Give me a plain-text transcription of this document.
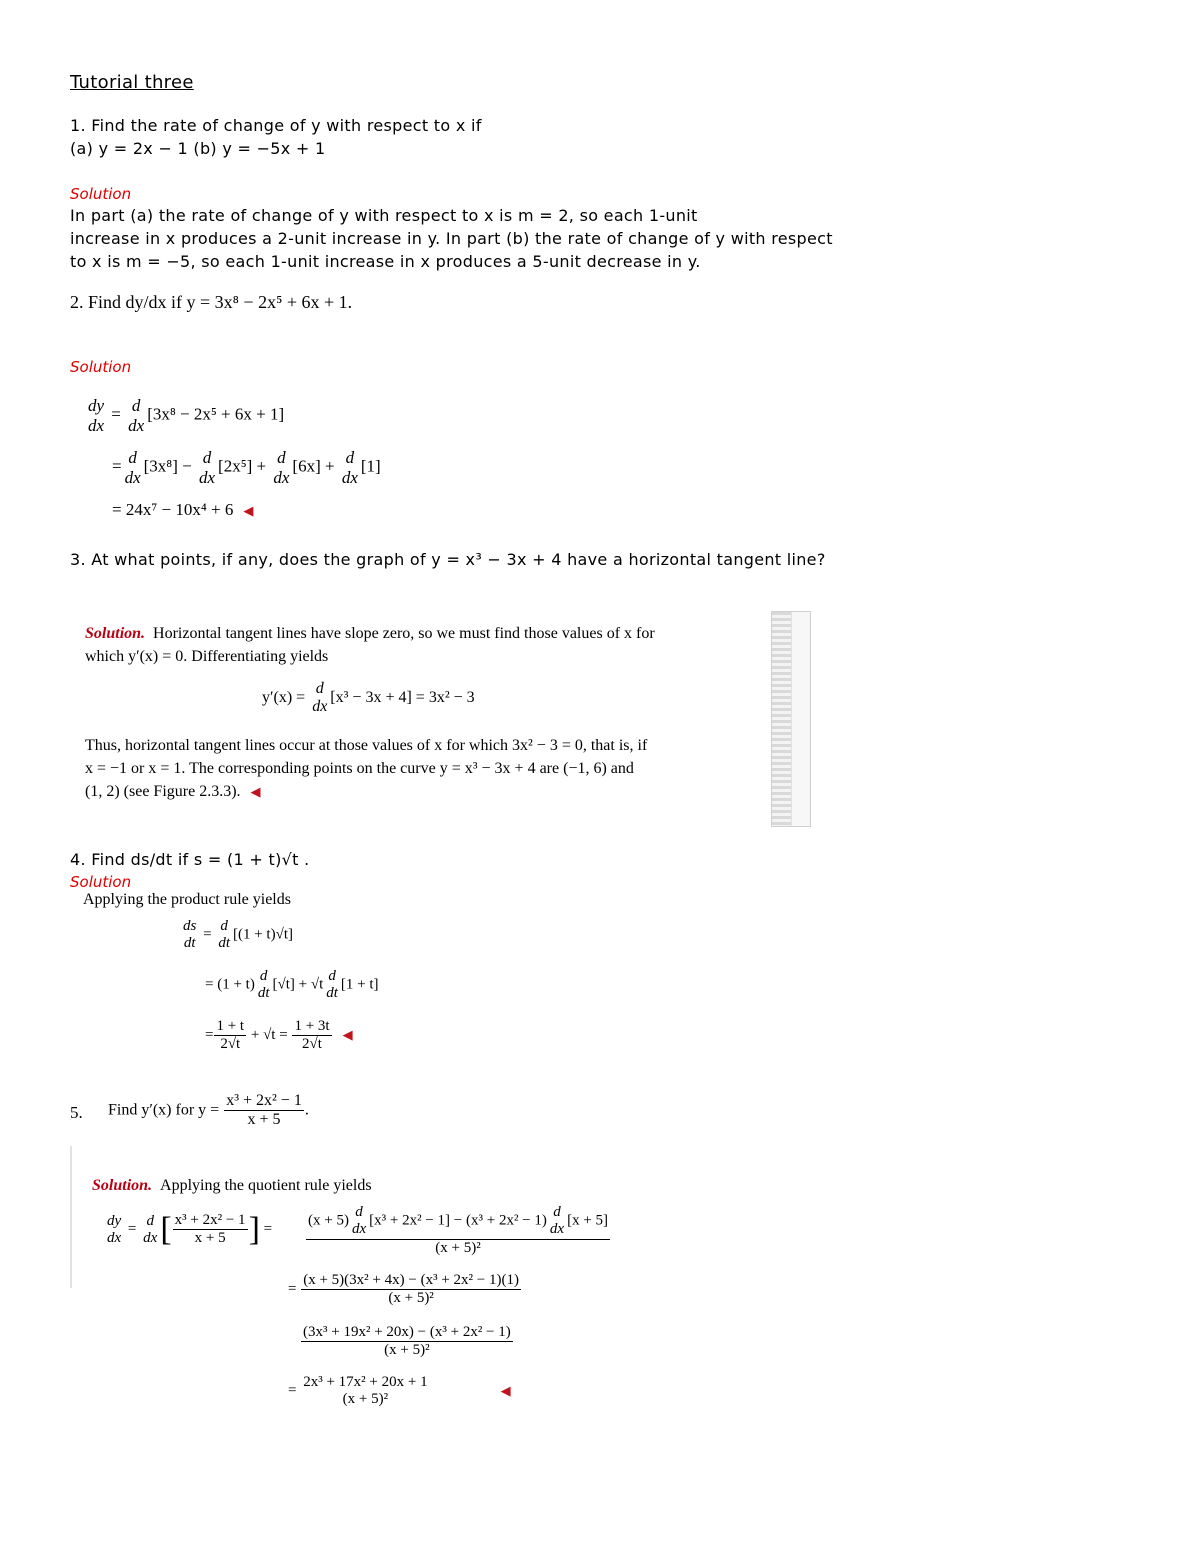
Tutorial three
1. Find the rate of change of y with respect to x if
(a) y = 2x − 1 (b) y = −5x + 1
Solution
In part (a) the rate of change of y with respect to x is m = 2, so each 1-unit
increase in x produces a 2-unit increase in y. In part (b) the rate of change of y with respect
to x is m = −5, so each 1-unit increase in x produces a 5-unit decrease in y.
2. Find dy/dx if y = 3x⁸ − 2x⁵ + 6x + 1.
Solution
dy
dx
= d
dx
[3x⁸ − 2x⁵ + 6x + 1]
= d
dx
[3x⁸] − d
dx
[2x⁵] + d
dx
[6x] + d
dx
[1]
= 24x⁷ − 10x⁴ + 6 ◀
3. At what points, if any, does the graph of y = x³ − 3x + 4 have a horizontal tangent line?
Solution. Horizontal tangent lines have slope zero, so we must find those values of x for
which y′(x) = 0. Differentiating yields
y′(x) =
d
dx
[x³ − 3x + 4] = 3x² − 3
Thus, horizontal tangent lines occur at those values of x for which 3x² − 3 = 0, that is, if
x = −1 or x = 1. The corresponding points on the curve y = x³ − 3x + 4 are (−1, 6) and
(1, 2) (see Figure 2.3.3). ◀
4. Find ds/dt if s = (1 + t)√t .
Solution
Applying the product rule yields
ds
dt
=
d
dt
[(1 + t)√t]
= (1 + t)
d
dt
[√t] + √t
d
dt
[1 + t]
= $\frac{1 + t}{2√t} + √t = \frac{1 + 3t}{2√t}$ ◀
5. Find y′(x) for $y = \frac{\text{x³ + 2x² − 1}}{x + 5}$ .
Solution. Applying the quotient rule yields
dy
dx
=
d
dx [ $\frac{\text{x³ + 2x² − 1}}{x + 5}$ ] = (x + 5)
d
dx
[x³ + 2x² − 1] − (x³ + 2x² − 1)
d
dx
[x + 5]
(x + 5)²
= $\frac{\text{(x + 5)(3x² + 4x) − (x³ + 2x² − 1)(1)}}{\text{(x + 5)²}}$
$\frac{\text{(3x³ + 19x² + 20x) − (x³ + 2x² − 1)}}{\text{(x + 5)²}}$
=
2x³ + 17x² + 20x + 1
(x + 5)²
◀
